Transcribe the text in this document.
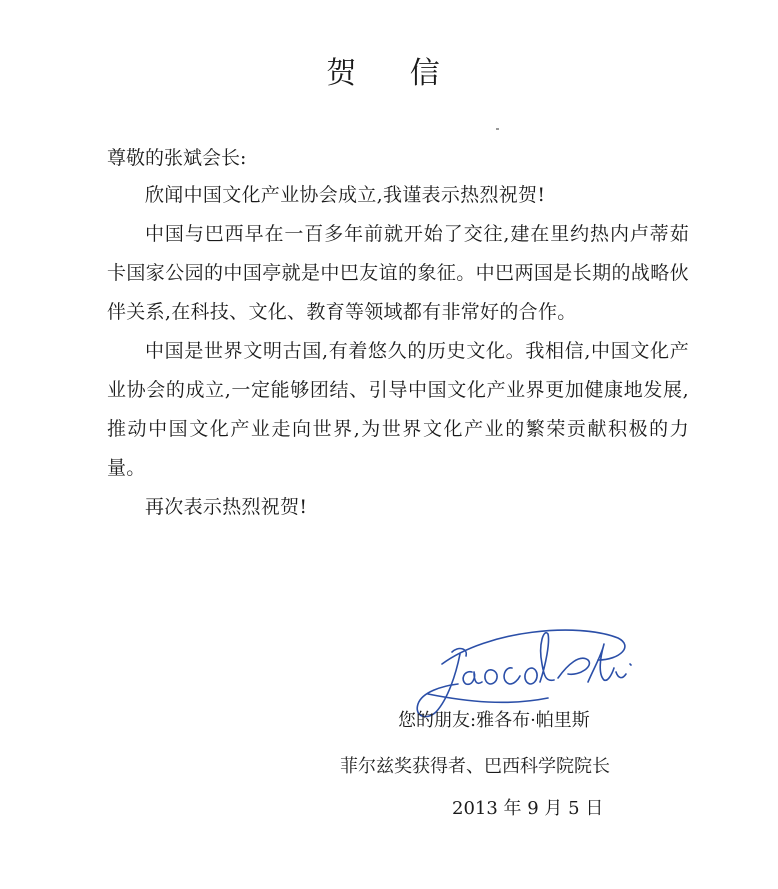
贺 信
尊敬的张斌会长:

欣闻中国文化产业协会成立,我谨表示热烈祝贺!

中国与巴西早在一百多年前就开始了交往,建在里约热内卢蒂茹卡国家公园的中国亭就是中巴友谊的象征。中巴两国是长期的战略伙伴关系,在科技、文化、教育等领域都有非常好的合作。

中国是世界文明古国,有着悠久的历史文化。我相信,中国文化产业协会的成立,一定能够团结、引导中国文化产业界更加健康地发展,推动中国文化产业走向世界,为世界文化产业的繁荣贡献积极的力量。

再次表示热烈祝贺!

您的朋友:雅各布·帕里斯
菲尔兹奖获得者、巴西科学院院长
2013 年 9 月 5 日
